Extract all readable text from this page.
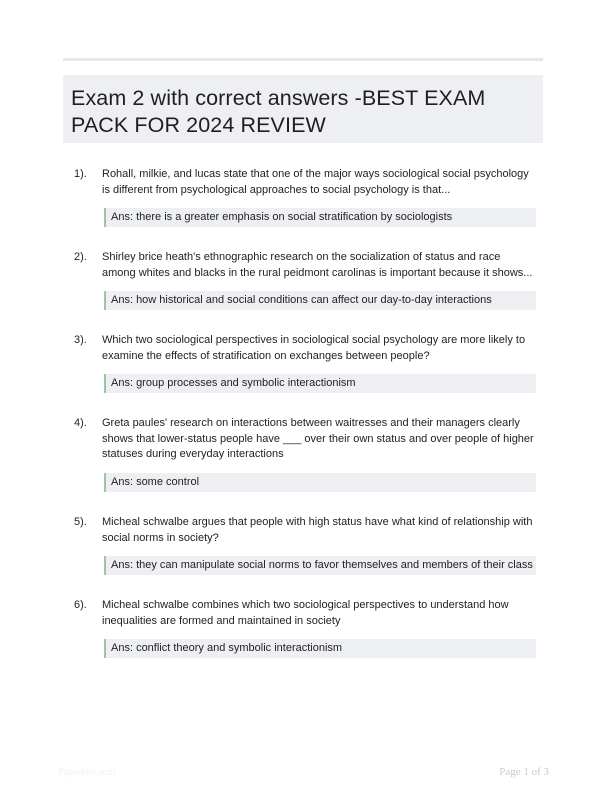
Exam 2 with correct answers -BEST EXAM PACK FOR 2024 REVIEW
1). Rohall, milkie, and lucas state that one of the major ways sociological social psychology is different from psychological approaches to social psychology is that...
Ans: there is a greater emphasis on social stratification by sociologists
2). Shirley brice heath's ethnographic research on the socialization of status and race among whites and blacks in the rural peidmont carolinas is important because it shows...
Ans: how historical and social conditions can affect our day-to-day interactions
3). Which two sociological perspectives in sociological social psychology are more likely to examine the effects of stratification on exchanges between people?
Ans: group processes and symbolic interactionism
4). Greta paules' research on interactions between waitresses and their managers clearly shows that lower-status people have ___ over their own status and over people of higher statuses during everyday interactions
Ans: some control
5). Micheal schwalbe argues that people with high status have what kind of relationship with social norms in society?
Ans: they can manipulate social norms to favor themselves and members of their class
6). Micheal schwalbe combines which two sociological perspectives to understand how inequalities are formed and maintained in society
Ans: conflict theory and symbolic interactionism
Paperbite.com	Page 1 of 3
